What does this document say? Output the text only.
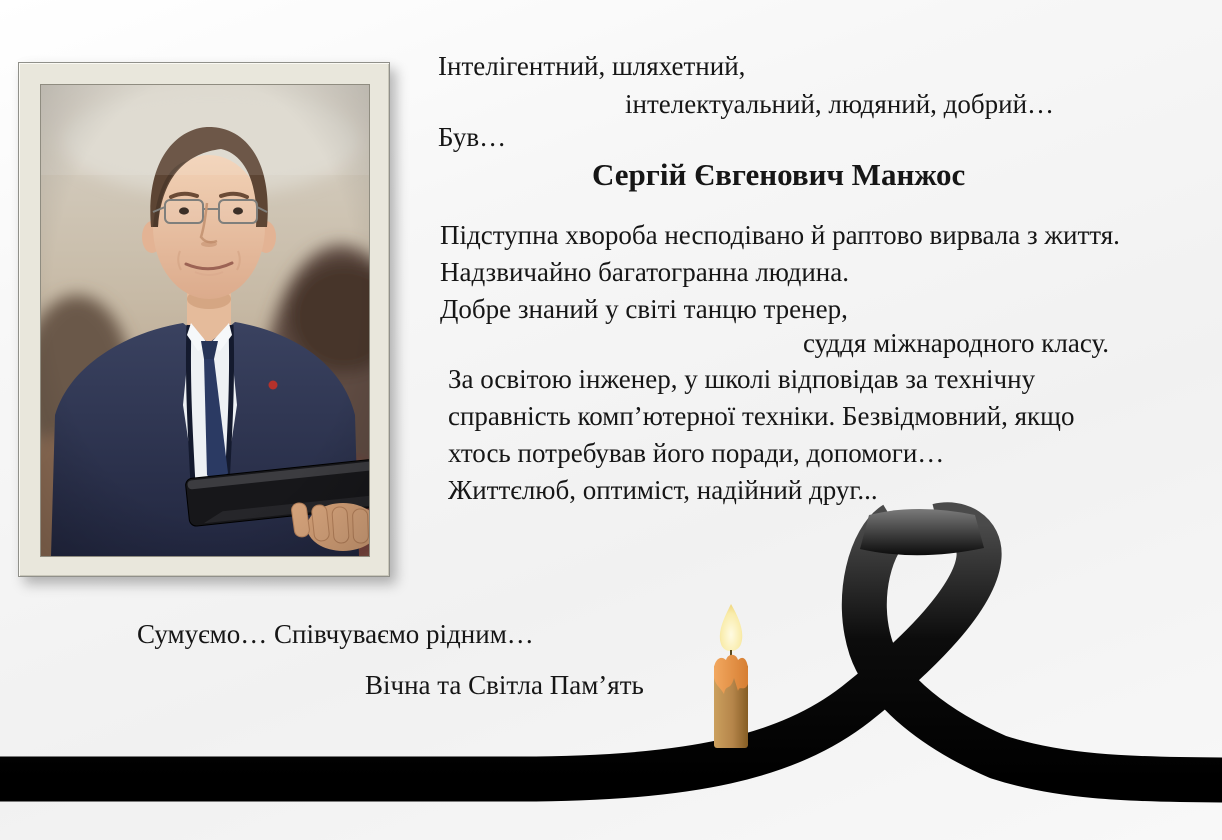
Інтелігентний, шляхетний,
інтелектуальний, людяний, добрий…
Був…
Сергій Євгенович Манжос
Підступна хвороба несподівано й раптово вирвала з життя.
Надзвичайно багатогранна людина.
Добре знаний у світі танцю тренер,
суддя міжнародного класу.
За освітою інженер, у школі відповідав за технічну
справність комп’ютерної техніки. Безвідмовний, якщо
хтось потребував його поради, допомоги…
Життєлюб, оптиміст, надійний друг...
Сумуємо… Співчуваємо рідним…
Вічна та Світла Пам’ять
